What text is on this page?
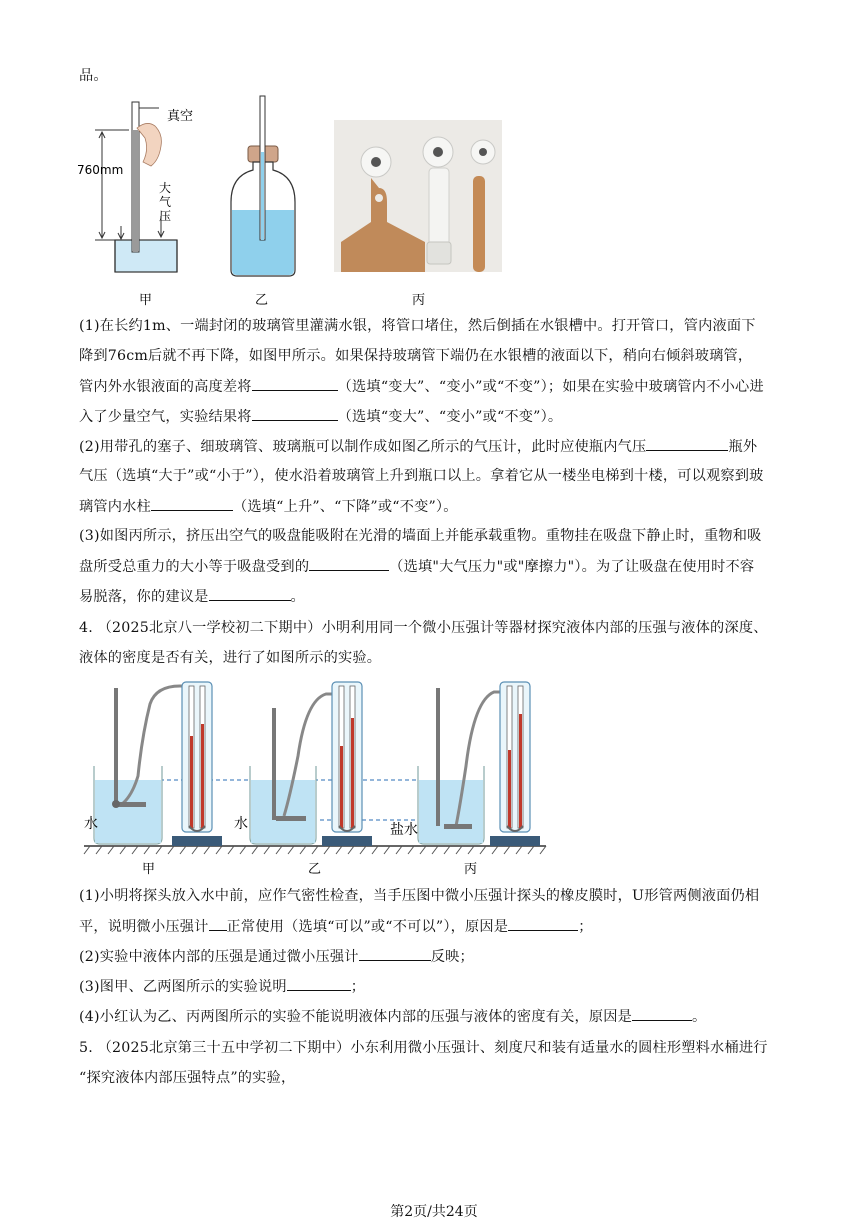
品。
真空
760mm
大
气
压
甲	乙	丙
(1)在长约1m、一端封闭的玻璃管里灌满水银，将管口堵住，然后倒插在水银槽中。打开管口，管内液面下
降到76cm后就不再下降，如图甲所示。如果保持玻璃管下端仍在水银槽的液面以下，稍向右倾斜玻璃管，
管内外水银液面的高度差将	（选填“变大”、“变小”或“不变”）；如果在实验中玻璃管内不小心进
入了少量空气，实验结果将	（选填“变大”、“变小”或“不变”）。
(2)用带孔的塞子、细玻璃管、玻璃瓶可以制作成如图乙所示的气压计，此时应使瓶内气压	瓶外
气压（选填“大于”或“小于”），使水沿着玻璃管上升到瓶口以上。拿着它从一楼坐电梯到十楼，可以观察到玻
璃管内水柱	（选填“上升”、“下降”或“不变”）。
(3)如图丙所示，挤压出空气的吸盘能吸附在光滑的墙面上并能承载重物。重物挂在吸盘下静止时，重物和吸
盘所受总重力的大小等于吸盘受到的	（选填"大气压力"或"摩擦力"）。为了让吸盘在使用时不容
易脱落，你的建议是	。
4. （2025北京八一学校初二下期中）小明利用同一个微小压强计等器材探究液体内部的压强与液体的深度、
液体的密度是否有关，进行了如图所示的实验。
水
甲
水
乙
盐水
丙
(1)小明将探头放入水中前，应作气密性检查，当手压图中微小压强计探头的橡皮膜时，U形管两侧液面仍相
平，说明微小压强计 正常使用（选填“可以”或“不可以”），原因是	；
(2)实验中液体内部的压强是通过微小压强计	反映；
(3)图甲、乙两图所示的实验说明	；
(4)小红认为乙、丙两图所示的实验不能说明液体内部的压强与液体的密度有关，原因是	。
5. （2025北京第三十五中学初二下期中）小东利用微小压强计、刻度尺和装有适量水的圆柱形塑料水桶进行
“探究液体内部压强特点”的实验，
第2页/共24页
